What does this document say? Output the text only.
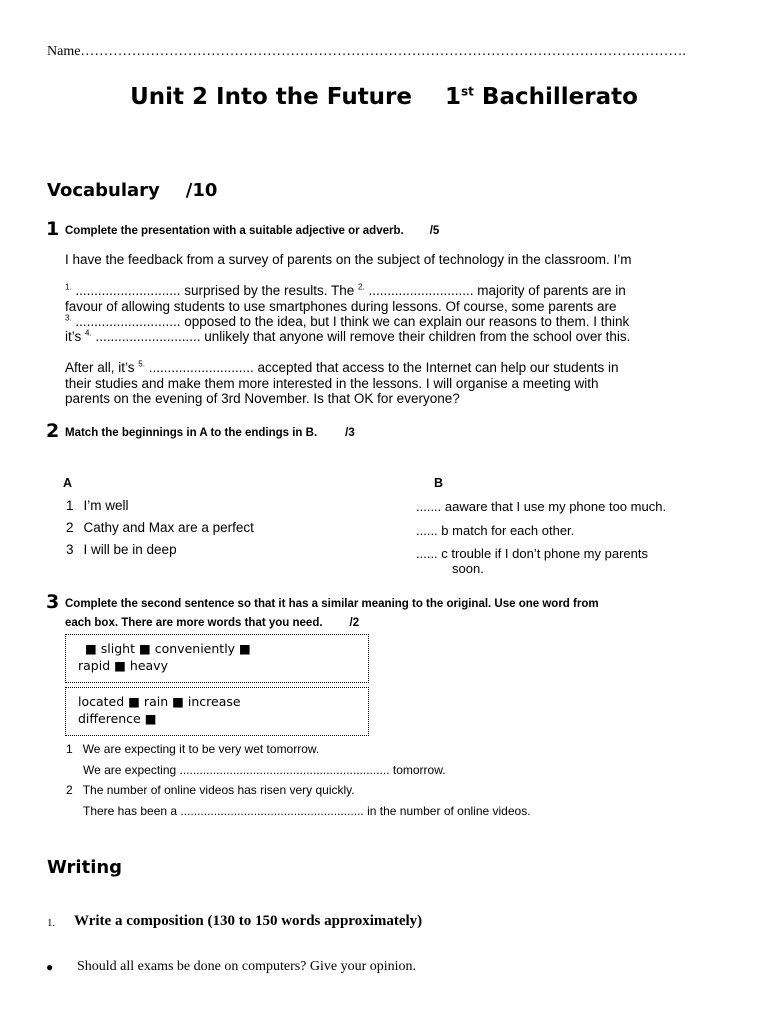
Name………………………………………………………………………………………………………………….
Unit 2 Into the Future 1st Bachillerato
Vocabulary /10
1 Complete the presentation with a suitable adjective or adverb. /5
I have the feedback from a survey of parents on the subject of technology in the classroom. I’m
$^{1.}$ ............................ surprised by the results. The $^{2.}$ ............................ majority of parents are in
favour of allowing students to use smartphones during lessons. Of course, some parents are
$^{3.}$ ............................ opposed to the idea, but I think we can explain our reasons to them. I think
it’s $^{4.}$ ............................ unlikely that anyone will remove their children from the school over this.
After all, it’s $^{5.}$ ............................ accepted that access to the Internet can help our students in
their studies and make them more interested in the lessons. I will organise a meeting with
parents on the evening of 3rd November. Is that OK for everyone?
2 Match the beginnings in A to the endings in B. /3
A	B
1 I’m well
2 Cathy and Max are a perfect
3 I will be in deep
....... aaware that I use my phone too much.
...... b match for each other.
...... c trouble if I don’t phone my parents
soon.
3 Complete the second sentence so that it has a similar meaning to the original. Use one word from
each box. There are more words that you need. /2
■ slight ■ conveniently ■
rapid ■ heavy
located ■ rain ■ increase
difference ■
1 We are expecting it to be very wet tomorrow.
We are expecting ............................................................... tomorrow.
2 The number of online videos has risen very quickly.
There has been a ....................................................... in the number of online videos.
Writing
1. Write a composition (130 to 150 words approximately)
● Should all exams be done on computers? Give your opinion.
